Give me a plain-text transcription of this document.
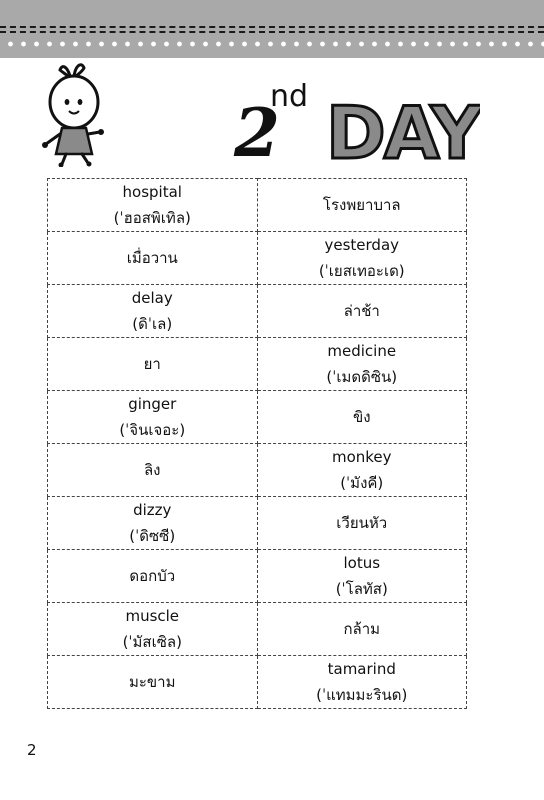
2
nd DAY
hospital
(ˈฮอสพิเทิล)	โรงพยาบาล

เมื่อวาน	yesterday
(ˈเยสเทอะเด)

delay
(ดิˈเล)	ล่าช้า

ยา	medicine
(ˈเมดดิซิน)

ginger
(ˈจินเจอะ)	ขิง

ลิง	monkey
(ˈมังคี)

dizzy
(ˈดิซซี)	เวียนหัว

ดอกบัว	lotus
(ˈโลทัส)

muscle
(ˈมัสเซิล)	กล้าม

มะขาม	tamarind
(ˈแทมมะรินด)
2
